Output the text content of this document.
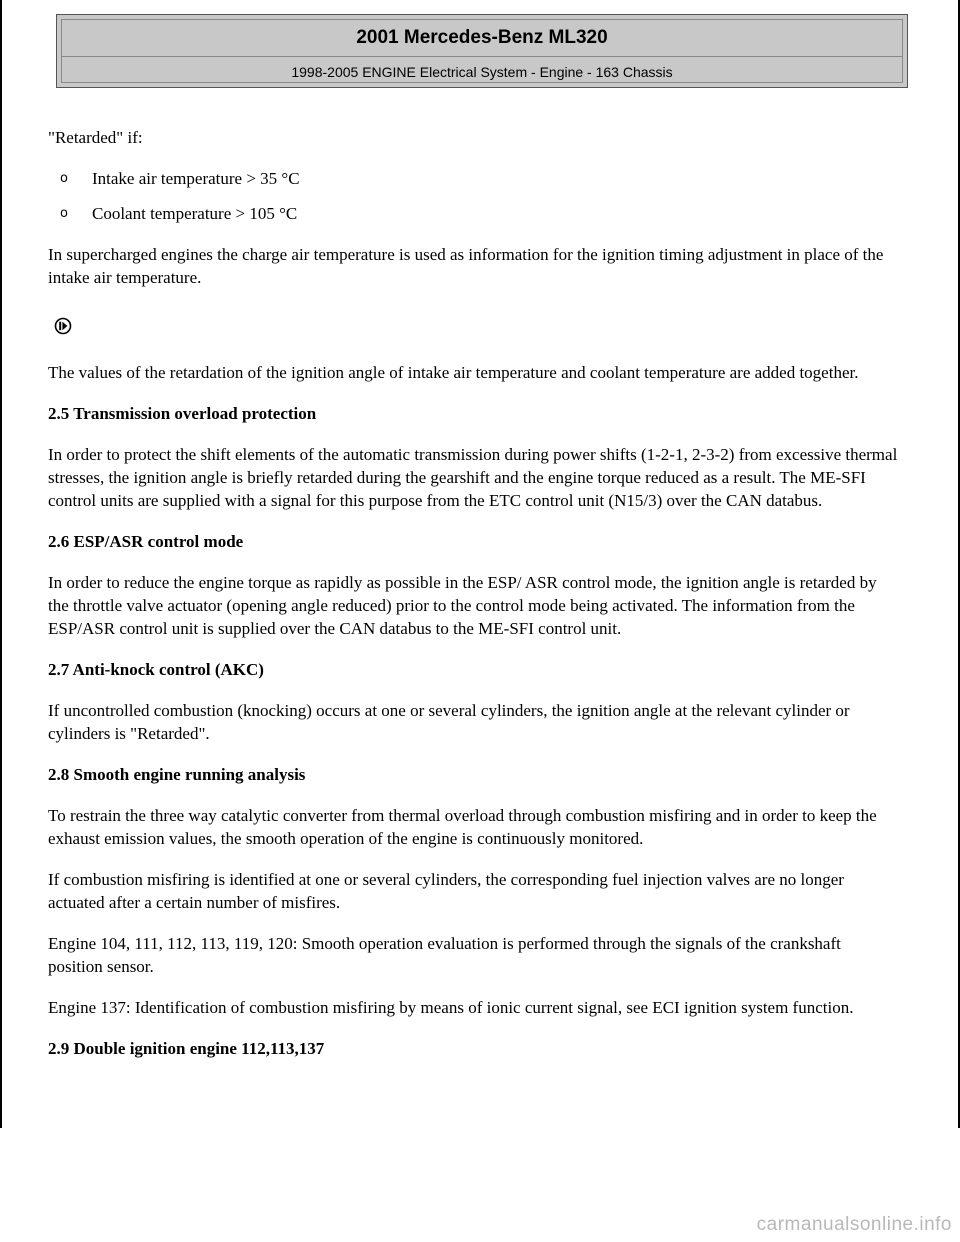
2001 Mercedes-Benz ML320
1998-2005 ENGINE Electrical System - Engine - 163 Chassis

"Retarded" if:

o Intake air temperature > 35 °C
o Coolant temperature > 105 °C

In supercharged engines the charge air temperature is used as information for the ignition timing adjustment in place of the intake air temperature.

The values of the retardation of the ignition angle of intake air temperature and coolant temperature are added together.

2.5 Transmission overload protection

In order to protect the shift elements of the automatic transmission during power shifts (1-2-1, 2-3-2) from excessive thermal stresses, the ignition angle is briefly retarded during the gearshift and the engine torque reduced as a result. The ME-SFI control units are supplied with a signal for this purpose from the ETC control unit (N15/3) over the CAN databus.

2.6 ESP/ASR control mode

In order to reduce the engine torque as rapidly as possible in the ESP/ ASR control mode, the ignition angle is retarded by the throttle valve actuator (opening angle reduced) prior to the control mode being activated. The information from the ESP/ASR control unit is supplied over the CAN databus to the ME-SFI control unit.

2.7 Anti-knock control (AKC)

If uncontrolled combustion (knocking) occurs at one or several cylinders, the ignition angle at the relevant cylinder or cylinders is "Retarded".

2.8 Smooth engine running analysis

To restrain the three way catalytic converter from thermal overload through combustion misfiring and in order to keep the exhaust emission values, the smooth operation of the engine is continuously monitored.

If combustion misfiring is identified at one or several cylinders, the corresponding fuel injection valves are no longer actuated after a certain number of misfires.

Engine 104, 111, 112, 113, 119, 120: Smooth operation evaluation is performed through the signals of the crankshaft position sensor.

Engine 137: Identification of combustion misfiring by means of ionic current signal, see ECI ignition system function.

2.9 Double ignition engine 112,113,137

carmanualsonline.info
